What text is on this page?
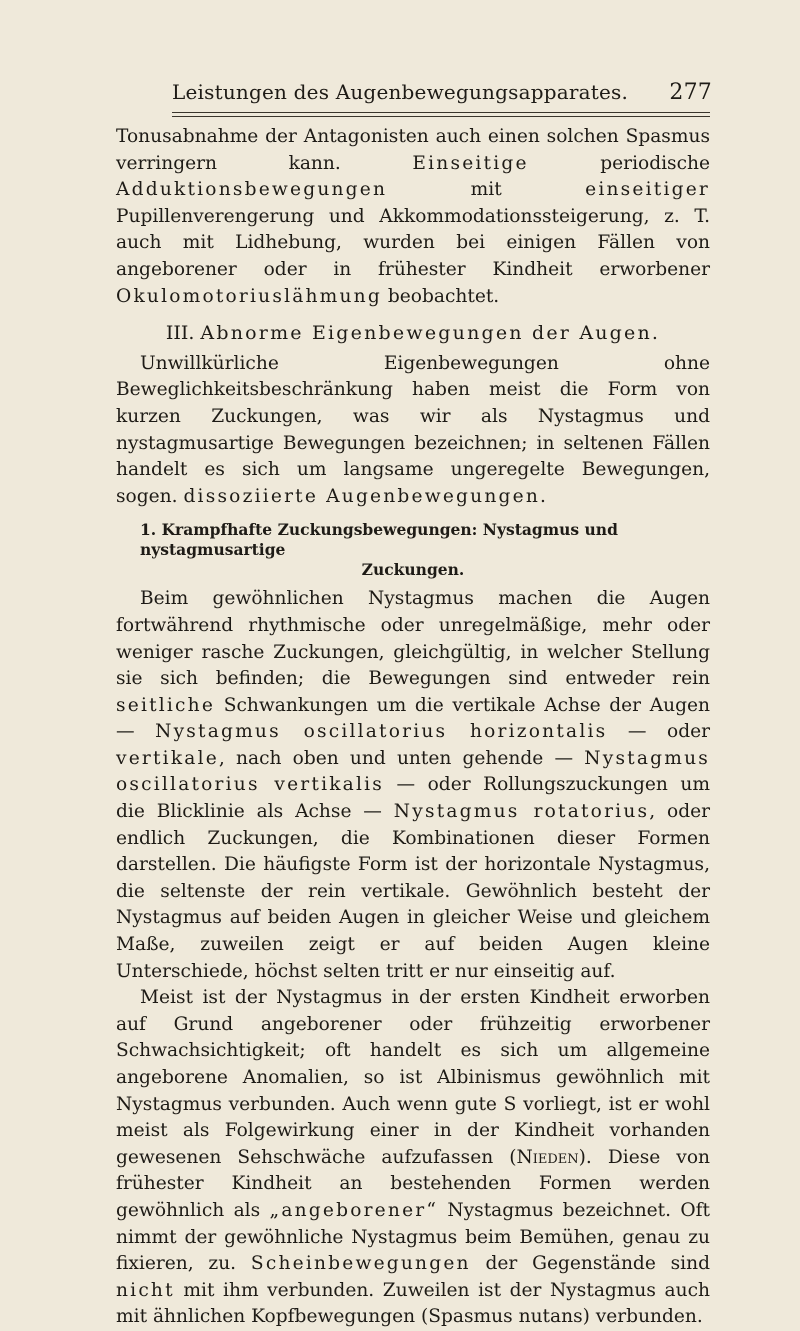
Leistungen des Augenbewegungsapparates. 277

Tonusabnahme der Antagonisten auch einen solchen Spasmus verringern kann. Einseitige periodische Adduktionsbewegungen mit einseitiger Pupillenverengerung und Akkommodationssteigerung, z. T. auch mit Lidhebung, wurden bei einigen Fällen von angeborener oder in frühester Kindheit erworbener Okulomotoriuslähmung beobachtet.

III. Abnorme Eigenbewegungen der Augen.

Unwillkürliche Eigenbewegungen ohne Beweglichkeitsbeschränkung haben meist die Form von kurzen Zuckungen, was wir als Nystagmus und nystagmusartige Bewegungen bezeichnen; in seltenen Fällen handelt es sich um langsame ungeregelte Bewegungen, sogen. dissoziierte Augenbewegungen.

1. Krampfhafte Zuckungsbewegungen: Nystagmus und nystagmusartige

Zuckungen.

Beim gewöhnlichen Nystagmus machen die Augen fortwährend rhythmische oder unregelmäßige, mehr oder weniger rasche Zuckungen, gleichgültig, in welcher Stellung sie sich befinden; die Bewegungen sind entweder rein seitliche Schwankungen um die vertikale Achse der Augen — Nystagmus oscillatorius horizontalis — oder vertikale, nach oben und unten gehende — Nystagmus oscillatorius vertikalis — oder Rollungszuckungen um die Blicklinie als Achse — Nystagmus rotatorius, oder endlich Zuckungen, die Kombinationen dieser Formen darstellen. Die häufigste Form ist der horizontale Nystagmus, die seltenste der rein vertikale. Gewöhnlich besteht der Nystagmus auf beiden Augen in gleicher Weise und gleichem Maße, zuweilen zeigt er auf beiden Augen kleine Unterschiede, höchst selten tritt er nur einseitig auf.

Meist ist der Nystagmus in der ersten Kindheit erworben auf Grund angeborener oder frühzeitig erworbener Schwachsichtigkeit; oft handelt es sich um allgemeine angeborene Anomalien, so ist Albinismus gewöhnlich mit Nystagmus verbunden. Auch wenn gute S vorliegt, ist er wohl meist als Folgewirkung einer in der Kindheit vorhanden gewesenen Sehschwäche aufzufassen (Nieden). Diese von frühester Kindheit an bestehenden Formen werden gewöhnlich als „angeborener“ Nystagmus bezeichnet. Oft nimmt der gewöhnliche Nystagmus beim Bemühen, genau zu fixieren, zu. Scheinbewegungen der Gegenstände sind nicht mit ihm verbunden. Zuweilen ist der Nystagmus auch mit ähnlichen Kopfbewegungen (Spasmus nutans) verbunden.
